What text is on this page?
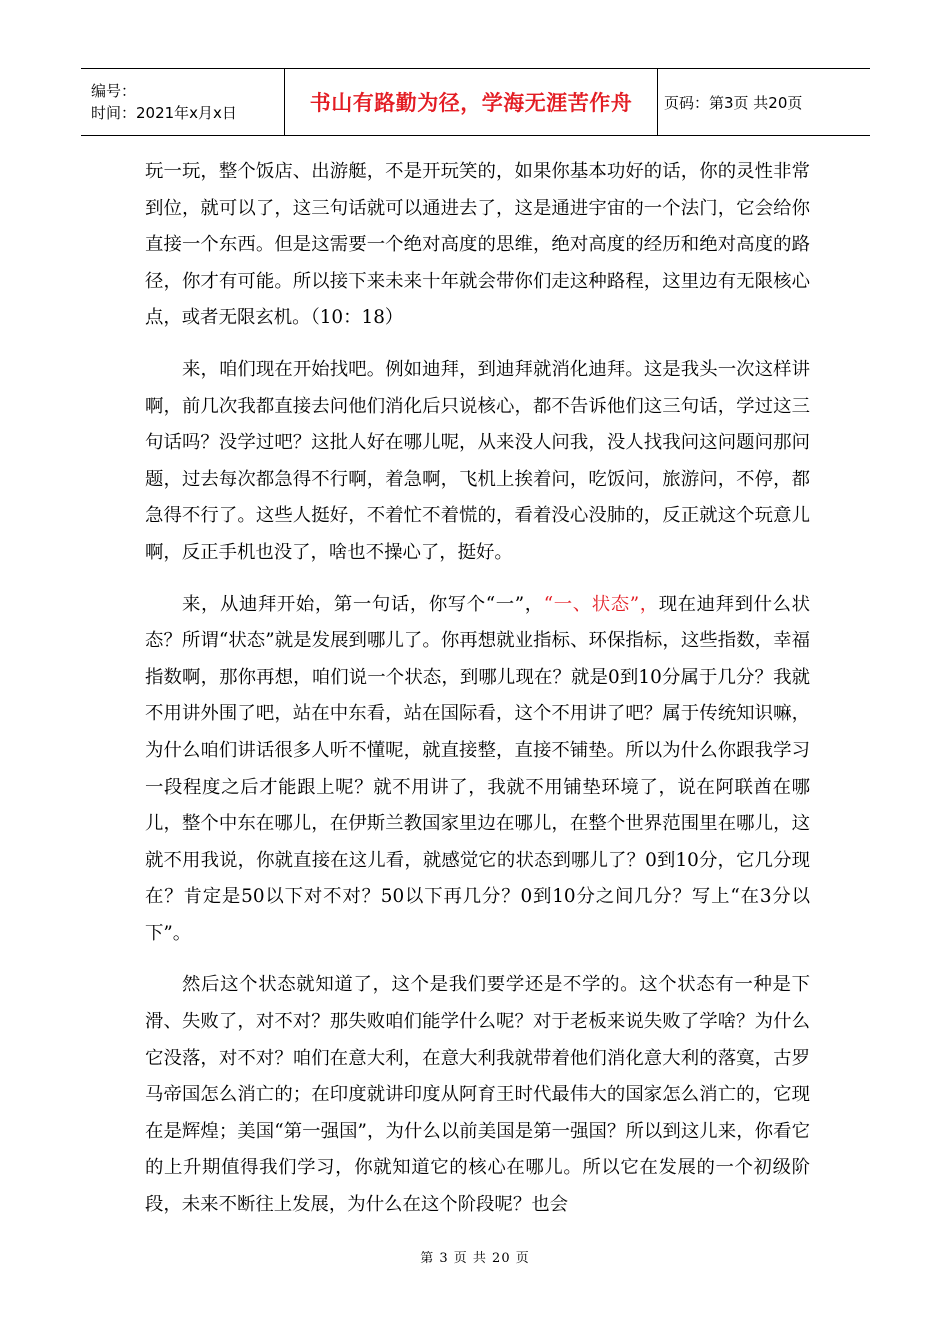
编号：
时间：2021年x月x日	书山有路勤为径，学海无涯苦作舟	页码：第3页 共20页

玩一玩，整个饭店、出游艇，不是开玩笑的，如果你基本功好的话，你的灵性非常到位，就可以了，这三句话就可以通进去了，这是通进宇宙的一个法门，它会给你直接一个东西。但是这需要一个绝对高度的思维，绝对高度的经历和绝对高度的路径，你才有可能。所以接下来未来十年就会带你们走这种路程，这里边有无限核心点，或者无限玄机。（10：18）

来，咱们现在开始找吧。例如迪拜，到迪拜就消化迪拜。这是我头一次这样讲啊，前几次我都直接去问他们消化后只说核心，都不告诉他们这三句话，学过这三句话吗？没学过吧？这批人好在哪儿呢，从来没人问我，没人找我问这问题问那问题，过去每次都急得不行啊，着急啊，飞机上挨着问，吃饭问，旅游问，不停，都急得不行了。这些人挺好，不着忙不着慌的，看着没心没肺的，反正就这个玩意儿啊，反正手机也没了，啥也不操心了，挺好。

来，从迪拜开始，第一句话，你写个“一”，“一、状态”，现在迪拜到什么状态？所谓“状态”就是发展到哪儿了。你再想就业指标、环保指标，这些指数，幸福指数啊，那你再想，咱们说一个状态，到哪儿现在？就是0到10分属于几分？我就不用讲外围了吧，站在中东看，站在国际看，这个不用讲了吧？属于传统知识嘛，为什么咱们讲话很多人听不懂呢，就直接整，直接不铺垫。所以为什么你跟我学习一段程度之后才能跟上呢？就不用讲了，我就不用铺垫环境了，说在阿联酋在哪儿，整个中东在哪儿，在伊斯兰教国家里边在哪儿，在整个世界范围里在哪儿，这就不用我说，你就直接在这儿看，就感觉它的状态到哪儿了？0到10分，它几分现在？肯定是50以下对不对？50以下再几分？0到10分之间几分？写上“在3分以下”。

然后这个状态就知道了，这个是我们要学还是不学的。这个状态有一种是下滑、失败了，对不对？那失败咱们能学什么呢？对于老板来说失败了学啥？为什么它没落，对不对？咱们在意大利，在意大利我就带着他们消化意大利的落寞，古罗马帝国怎么消亡的；在印度就讲印度从阿育王时代最伟大的国家怎么消亡的，它现在是辉煌；美国“第一强国”，为什么以前美国是第一强国？所以到这儿来，你看它的上升期值得我们学习，你就知道它的核心在哪儿。所以它在发展的一个初级阶段，未来不断往上发展，为什么在这个阶段呢？也会

第 3 页 共 20 页
